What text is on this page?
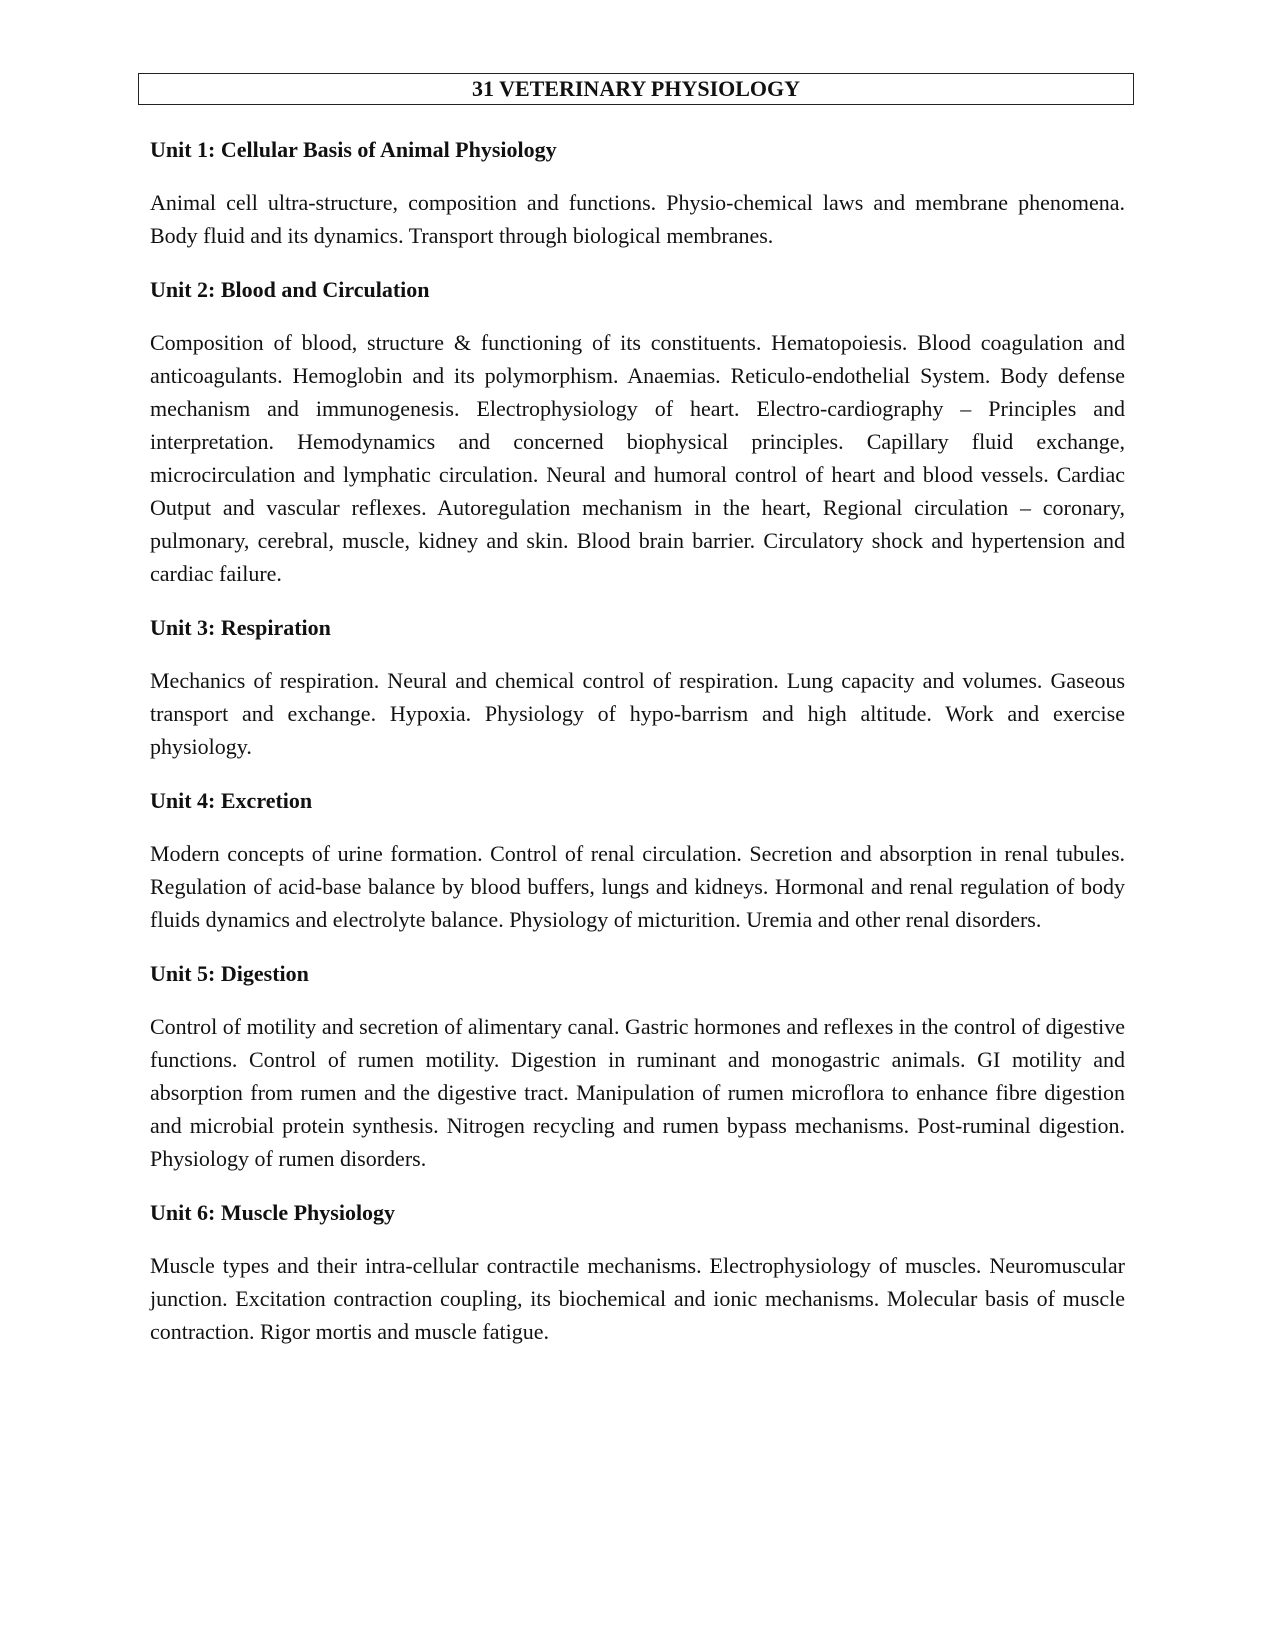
31 VETERINARY PHYSIOLOGY
Unit 1: Cellular Basis of Animal Physiology

Animal cell ultra-structure, composition and functions. Physio-chemical laws and membrane phenomena. Body fluid and its dynamics. Transport through biological membranes.

Unit 2: Blood and Circulation

Composition of blood, structure & functioning of its constituents. Hematopoiesis. Blood coagulation and anticoagulants. Hemoglobin and its polymorphism. Anaemias. Reticulo-endothelial System. Body defense mechanism and immunogenesis. Electrophysiology of heart. Electro-cardiography – Principles and interpretation. Hemodynamics and concerned biophysical principles. Capillary fluid exchange, microcirculation and lymphatic circulation. Neural and humoral control of heart and blood vessels. Cardiac Output and vascular reflexes. Autoregulation mechanism in the heart, Regional circulation – coronary, pulmonary, cerebral, muscle, kidney and skin. Blood brain barrier. Circulatory shock and hypertension and cardiac failure.

Unit 3: Respiration

Mechanics of respiration. Neural and chemical control of respiration. Lung capacity and volumes. Gaseous transport and exchange. Hypoxia. Physiology of hypo-barrism and high altitude. Work and exercise physiology.

Unit 4: Excretion

Modern concepts of urine formation. Control of renal circulation. Secretion and absorption in renal tubules. Regulation of acid-base balance by blood buffers, lungs and kidneys. Hormonal and renal regulation of body fluids dynamics and electrolyte balance. Physiology of micturition. Uremia and other renal disorders.

Unit 5: Digestion

Control of motility and secretion of alimentary canal. Gastric hormones and reflexes in the control of digestive functions. Control of rumen motility. Digestion in ruminant and monogastric animals. GI motility and absorption from rumen and the digestive tract. Manipulation of rumen microflora to enhance fibre digestion and microbial protein synthesis. Nitrogen recycling and rumen bypass mechanisms. Post-ruminal digestion. Physiology of rumen disorders.

Unit 6: Muscle Physiology

Muscle types and their intra-cellular contractile mechanisms. Electrophysiology of muscles. Neuromuscular junction. Excitation contraction coupling, its biochemical and ionic mechanisms. Molecular basis of muscle contraction. Rigor mortis and muscle fatigue.
